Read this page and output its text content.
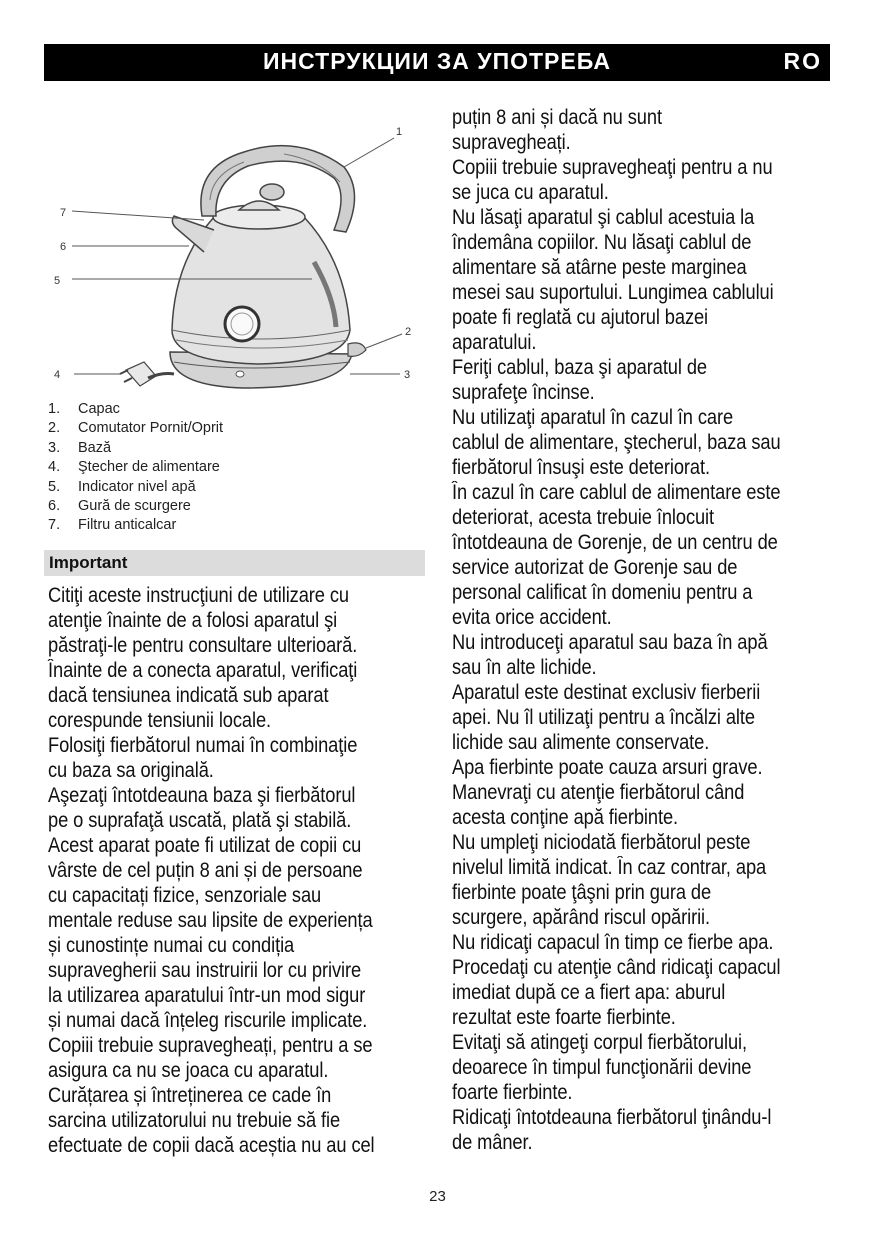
ИНСТРУКЦИИ ЗА УПОТРЕБА	RO
1
2
3
4
5
6
7
1.	Capac
2.	Comutator Pornit/Oprit
3.	Bază
4.	Ştecher de alimentare
5.	Indicator nivel apă
6.	Gură de scurgere
7.	Filtru anticalcar
Important

Citiţi aceste instrucţiuni de utilizare cu

atenţie înainte de a folosi aparatul şi

păstraţi-le pentru consultare ulterioară.

Înainte de a conecta aparatul, verificaţi

dacă tensiunea indicată sub aparat

corespunde tensiunii locale.

Folosiţi fierbătorul numai în combinaţie

cu baza sa originală.

Aşezaţi întotdeauna baza şi fierbătorul

pe o suprafaţă uscată, plată şi stabilă.

Acest aparat poate fi utilizat de copii cu

vârste de cel puțin 8 ani și de persoane

cu capacitați fizice, senzoriale sau

mentale reduse sau lipsite de experiența

și cunostințe numai cu condiția

supravegherii sau instruirii lor cu privire

la utilizarea aparatului într-un mod sigur

și numai dacă înțeleg riscurile implicate.

Copiii trebuie supravegheați, pentru a se

asigura ca nu se joaca cu aparatul.

Curățarea și întreținerea ce cade în

sarcina utilizatorului nu trebuie să fie

efectuate de copii dacă aceștia nu au cel

puțin 8 ani și dacă nu sunt

supravegheați.

Copiii trebuie supravegheaţi pentru a nu

se juca cu aparatul.

Nu lăsaţi aparatul şi cablul acestuia la

îndemâna copiilor. Nu lăsaţi cablul de

alimentare să atârne peste marginea

mesei sau suportului. Lungimea cablului

poate fi reglată cu ajutorul bazei

aparatului.

Feriţi cablul, baza şi aparatul de

suprafeţe încinse.

Nu utilizaţi aparatul în cazul în care

cablul de alimentare, ştecherul, baza sau

fierbătorul însuşi este deteriorat.

În cazul în care cablul de alimentare este

deteriorat, acesta trebuie înlocuit

întotdeauna de Gorenje, de un centru de

service autorizat de Gorenje sau de

personal calificat în domeniu pentru a

evita orice accident.

Nu introduceţi aparatul sau baza în apă

sau în alte lichide.

Aparatul este destinat exclusiv fierberii

apei. Nu îl utilizaţi pentru a încălzi alte

lichide sau alimente conservate.

Apa fierbinte poate cauza arsuri grave.

Manevraţi cu atenţie fierbătorul când

acesta conţine apă fierbinte.

Nu umpleţi niciodată fierbătorul peste

nivelul limită indicat. În caz contrar, apa

fierbinte poate ţâşni prin gura de

scurgere, apărând riscul opăririi.

Nu ridicaţi capacul în timp ce fierbe apa.

Procedaţi cu atenţie când ridicaţi capacul

imediat după ce a fiert apa: aburul

rezultat este foarte fierbinte.

Evitaţi să atingeţi corpul fierbătorului,

deoarece în timpul funcţionării devine

foarte fierbinte.

Ridicaţi întotdeauna fierbătorul ţinându-l

de mâner.

23
